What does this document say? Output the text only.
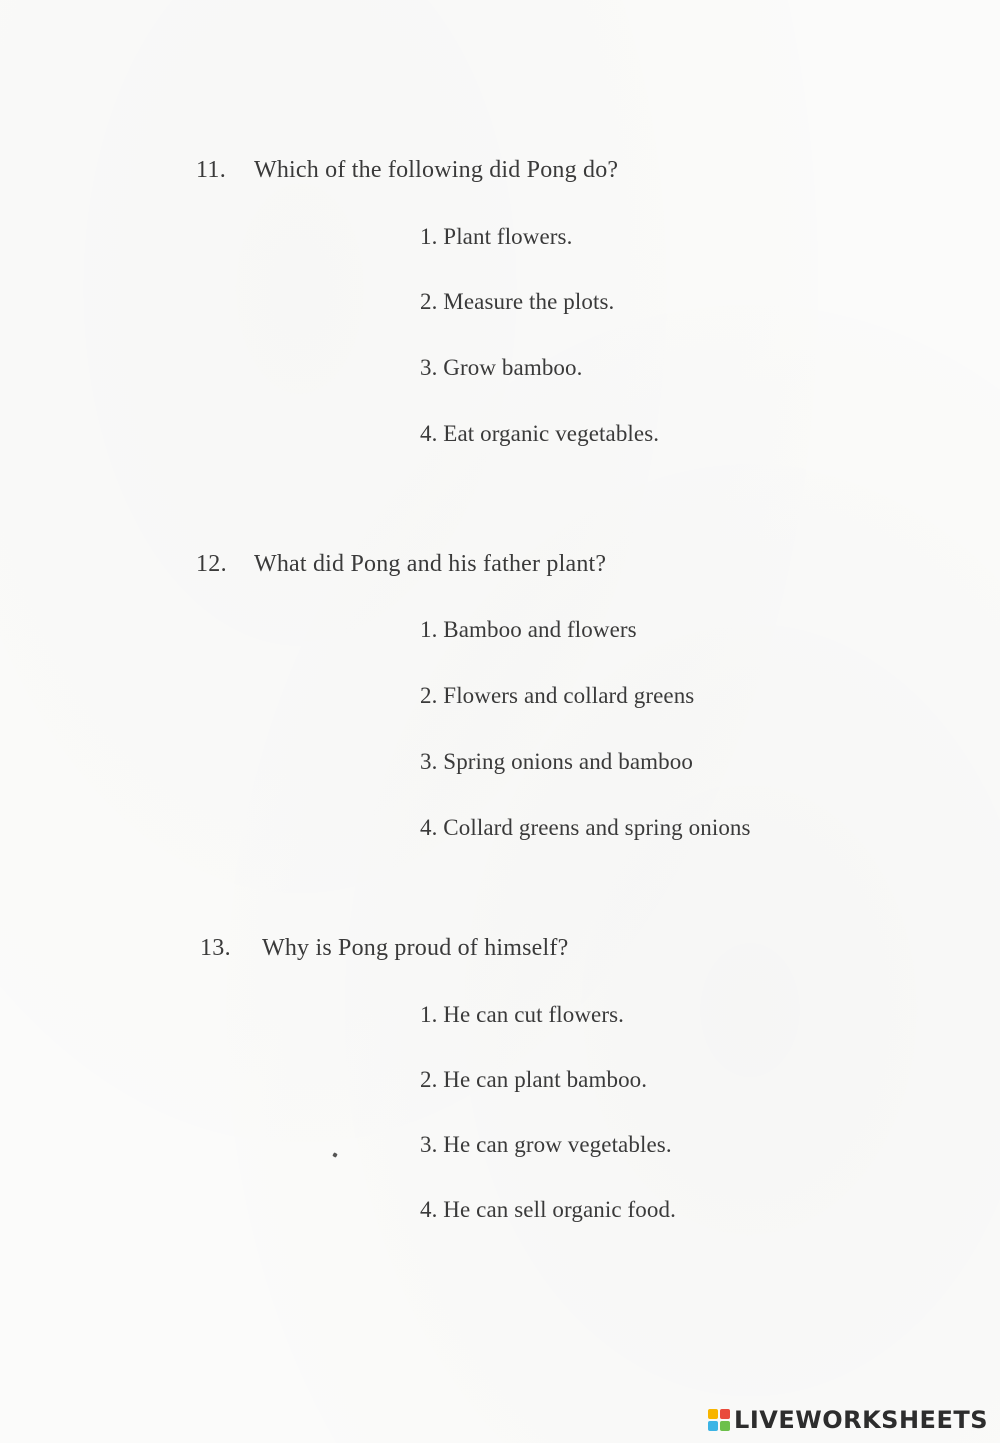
11. Which of the following did Pong do?
1. Plant flowers.
2. Measure the plots.
3. Grow bamboo.
4. Eat organic vegetables.
12. What did Pong and his father plant?
1. Bamboo and flowers
2. Flowers and collard greens
3. Spring onions and bamboo
4. Collard greens and spring onions
13. Why is Pong proud of himself?
1. He can cut flowers.
2. He can plant bamboo.
3. He can grow vegetables.
4. He can sell organic food.
LIVEWORKSHEETS
